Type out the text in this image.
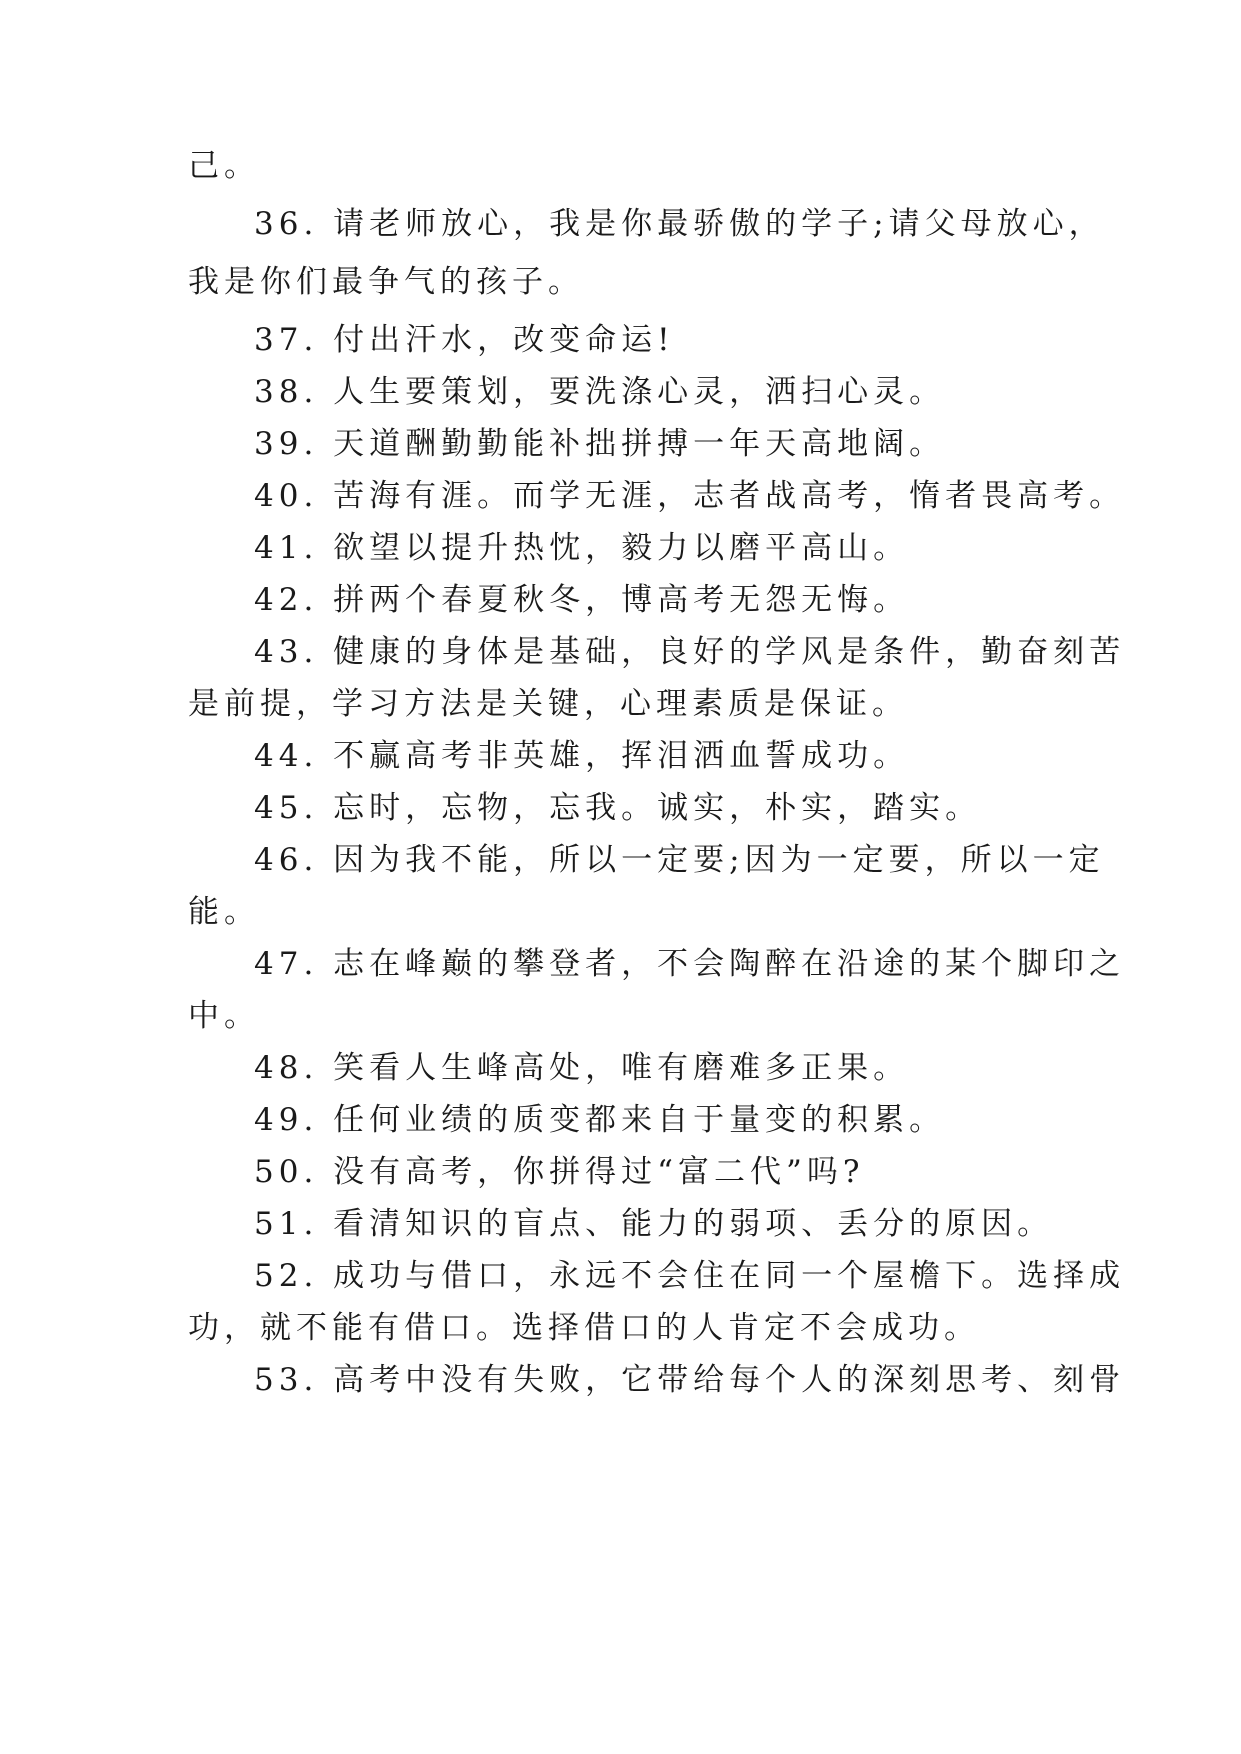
己。
36. 请老师放心，我是你最骄傲的学子;请父母放心，
我是你们最争气的孩子。
37. 付出汗水，改变命运!
38. 人生要策划，要洗涤心灵，洒扫心灵。
39. 天道酬勤勤能补拙拼搏一年天高地阔。
40. 苦海有涯。而学无涯，志者战高考，惰者畏高考。
41. 欲望以提升热忱，毅力以磨平高山。
42. 拼两个春夏秋冬，博高考无怨无悔。
43. 健康的身体是基础，良好的学风是条件，勤奋刻苦
是前提，学习方法是关键，心理素质是保证。
44. 不赢高考非英雄，挥泪洒血誓成功。
45. 忘时，忘物，忘我。诚实，朴实，踏实。
46. 因为我不能，所以一定要;因为一定要，所以一定
能。
47. 志在峰巅的攀登者，不会陶醉在沿途的某个脚印之
中。
48. 笑看人生峰高处，唯有磨难多正果。
49. 任何业绩的质变都来自于量变的积累。
50. 没有高考，你拼得过“富二代”吗?
51. 看清知识的盲点、能力的弱项、丢分的原因。
52. 成功与借口，永远不会住在同一个屋檐下。选择成
功，就不能有借口。选择借口的人肯定不会成功。
53. 高考中没有失败，它带给每个人的深刻思考、刻骨
